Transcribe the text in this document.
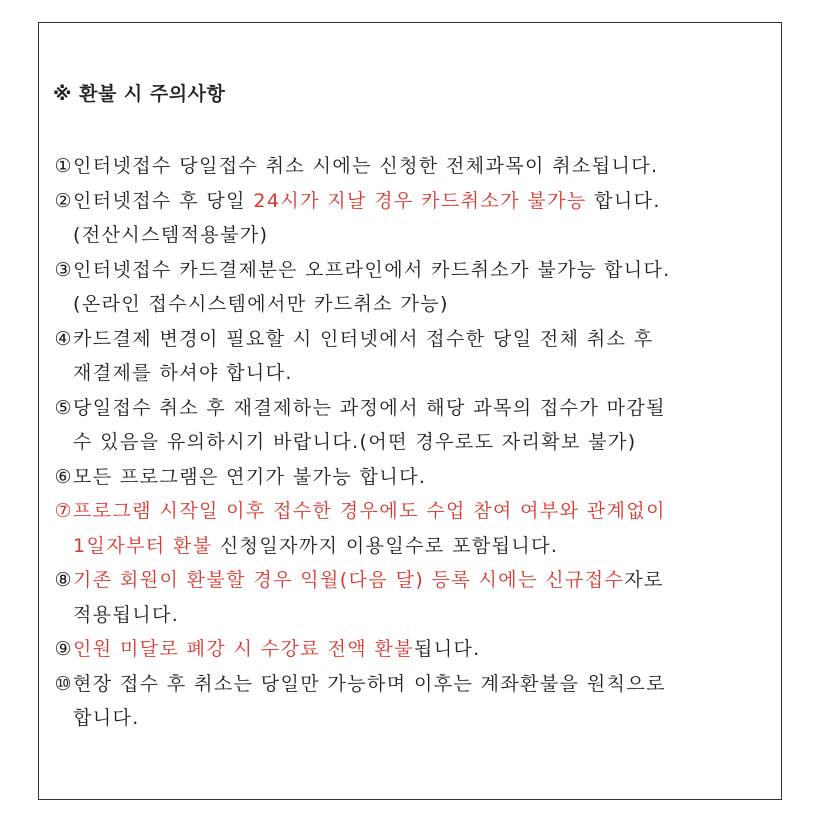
※ 환불 시 주의사항
① 인터넷접수 당일접수 취소 시에는 신청한 전체과목이 취소됩니다.
② 인터넷접수 후 당일 24시가 지날 경우 카드취소가 불가능 합니다.
(전산시스템적용불가)
③ 인터넷접수 카드결제분은 오프라인에서 카드취소가 불가능 합니다.
(온라인 접수시스템에서만 카드취소 가능)
④ 카드결제 변경이 필요할 시 인터넷에서 접수한 당일 전체 취소 후
재결제를 하셔야 합니다.
⑤ 당일접수 취소 후 재결제하는 과정에서 해당 과목의 접수가 마감될
수 있음을 유의하시기 바랍니다.(어떤 경우로도 자리확보 불가)
⑥ 모든 프로그램은 연기가 불가능 합니다.
⑦ 프로그램 시작일 이후 접수한 경우에도 수업 참여 여부와 관계없이
1일자부터 환불 신청일자까지 이용일수로 포함됩니다.
⑧ 기존 회원이 환불할 경우 익월(다음 달) 등록 시에는 신규접수자로
적용됩니다.
⑨ 인원 미달로 폐강 시 수강료 전액 환불됩니다.
⑩ 현장 접수 후 취소는 당일만 가능하며 이후는 계좌환불을 원칙으로
합니다.
